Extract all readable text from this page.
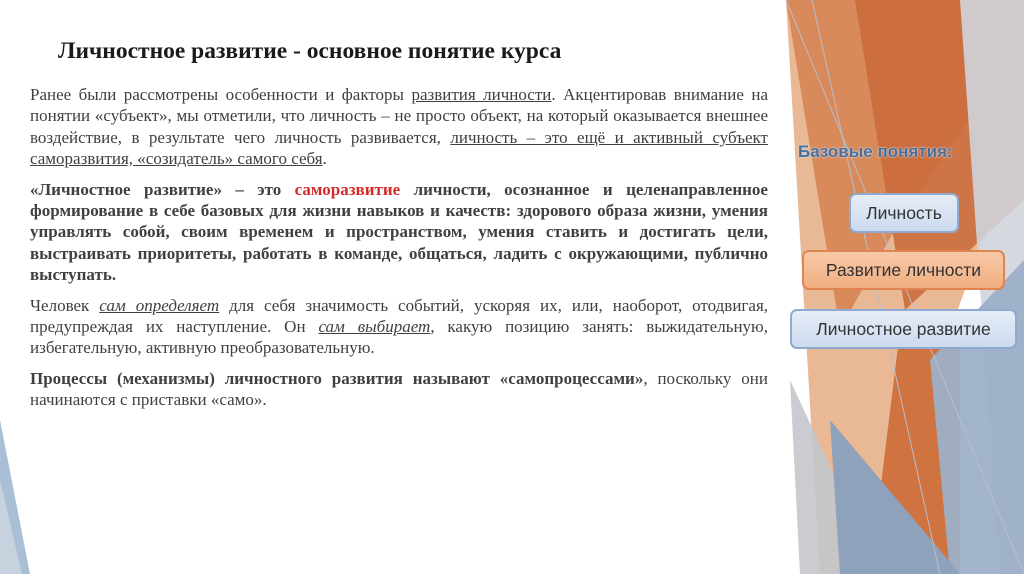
Личностное развитие - основное понятие курса

Ранее были рассмотрены особенности и факторы развития личности. Акцентировав внимание на понятии «субъект», мы отметили, что личность – не просто объект, на который оказывается внешнее воздействие, в результате чего личность развивается, личность – это ещё и активный субъект саморазвития, «созидатель» самого себя.

«Личностное развитие» – это саморазвитие личности, осознанное и целенаправленное формирование в себе базовых для жизни навыков и качеств: здорового образа жизни, умения управлять собой, своим временем и пространством, умения ставить и достигать цели, выстраивать приоритеты, работать в команде, общаться, ладить с окружающими, публично выступать.

Человек сам определяет для себя значимость событий, ускоряя их, или, наоборот, отодвигая, предупреждая их наступление. Он сам выбирает, какую позицию занять: выжидательную, избегательную, активную преобразовательную.

Процессы (механизмы) личностного развития называют «самопроцессами», поскольку они начинаются с приставки «само».

Базовые понятия:
Личность
Развитие личности
Личностное развитие
